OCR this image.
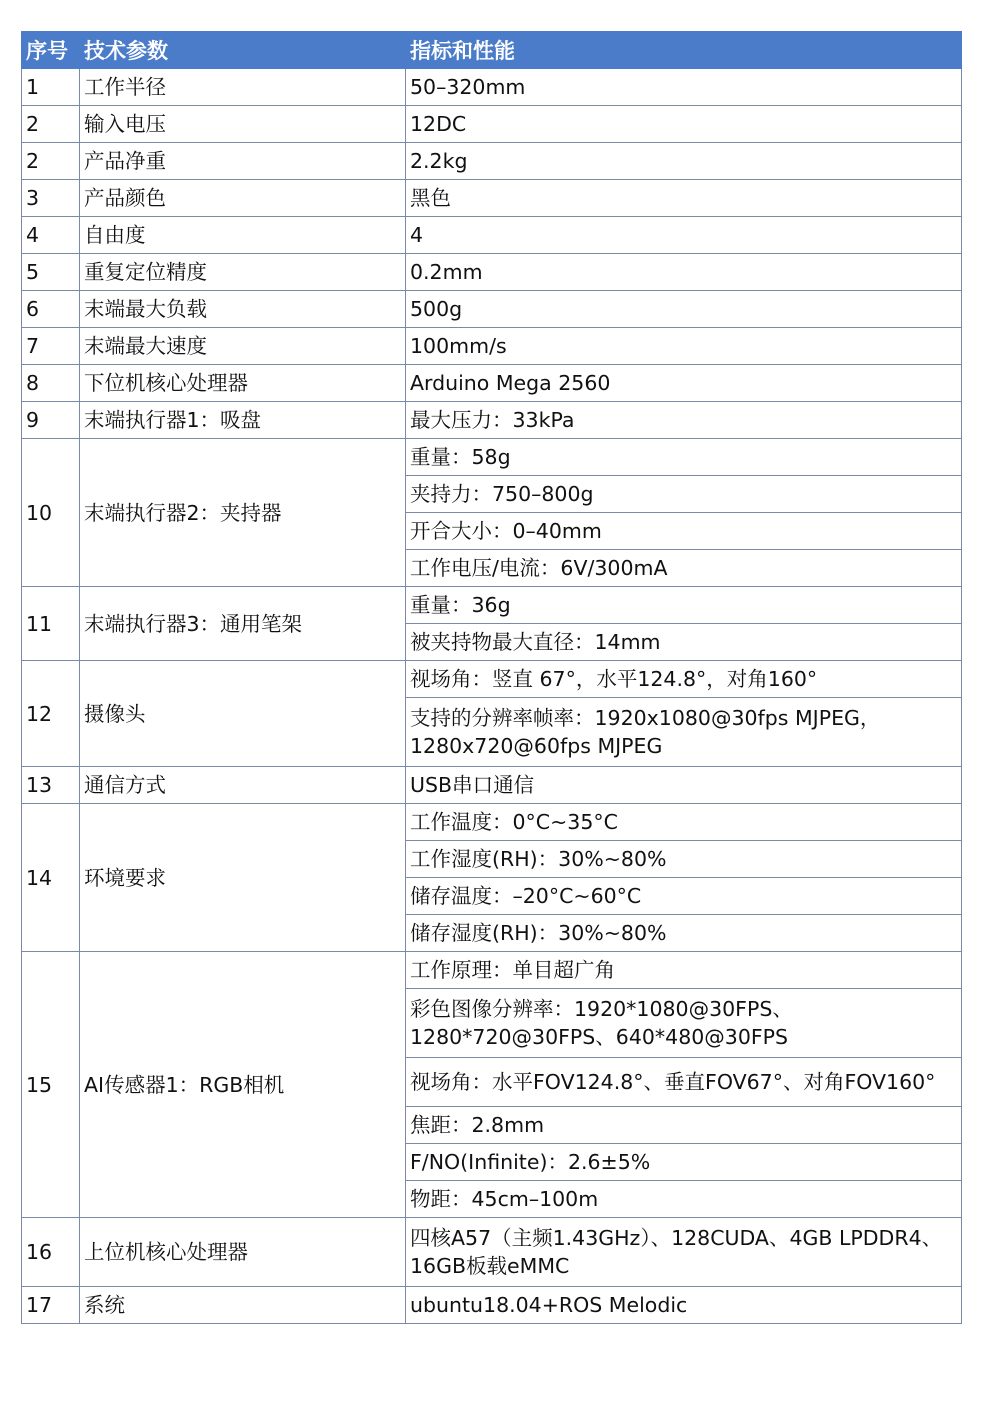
序号	技术参数	指标和性能
1	工作半径	50–320mm
2	输入电压	12DC
2	产品净重	2.2kg
3	产品颜色	黑色
4	自由度	4
5	重复定位精度	0.2mm
6	末端最大负载	500g
7	末端最大速度	100mm/s
8	下位机核心处理器	Arduino Mega 2560
9	末端执行器1：吸盘	最大压力：33kPa
10	末端执行器2：夹持器	重量：58g
		夹持力：750–800g
		开合大小：0–40mm
		工作电压/电流：6V/300mA
11	末端执行器3：通用笔架	重量：36g
		被夹持物最大直径：14mm
12	摄像头	视场角：竖直 67°，水平124.8°，对角160°
		支持的分辨率帧率：1920x1080@30fps MJPEG，1280x720@60fps MJPEG
13	通信方式	USB串口通信
14	环境要求	工作温度：0°C~35°C
		工作湿度(RH)：30%~80%
		储存温度：–20°C~60°C
		储存湿度(RH)：30%~80%
15	AI传感器1：RGB相机	工作原理：单目超广角
		彩色图像分辨率：1920*1080@30FPS、1280*720@30FPS、640*480@30FPS
		视场角：水平FOV124.8°、垂直FOV67°、对角FOV160°
		焦距：2.8mm
		F/NO(Infinite)：2.6±5%
		物距：45cm–100m
16	上位机核心处理器	四核A57（主频1.43GHz）、128CUDA、4GB LPDDR4、16GB板载eMMC
17	系统	ubuntu18.04+ROS Melodic
